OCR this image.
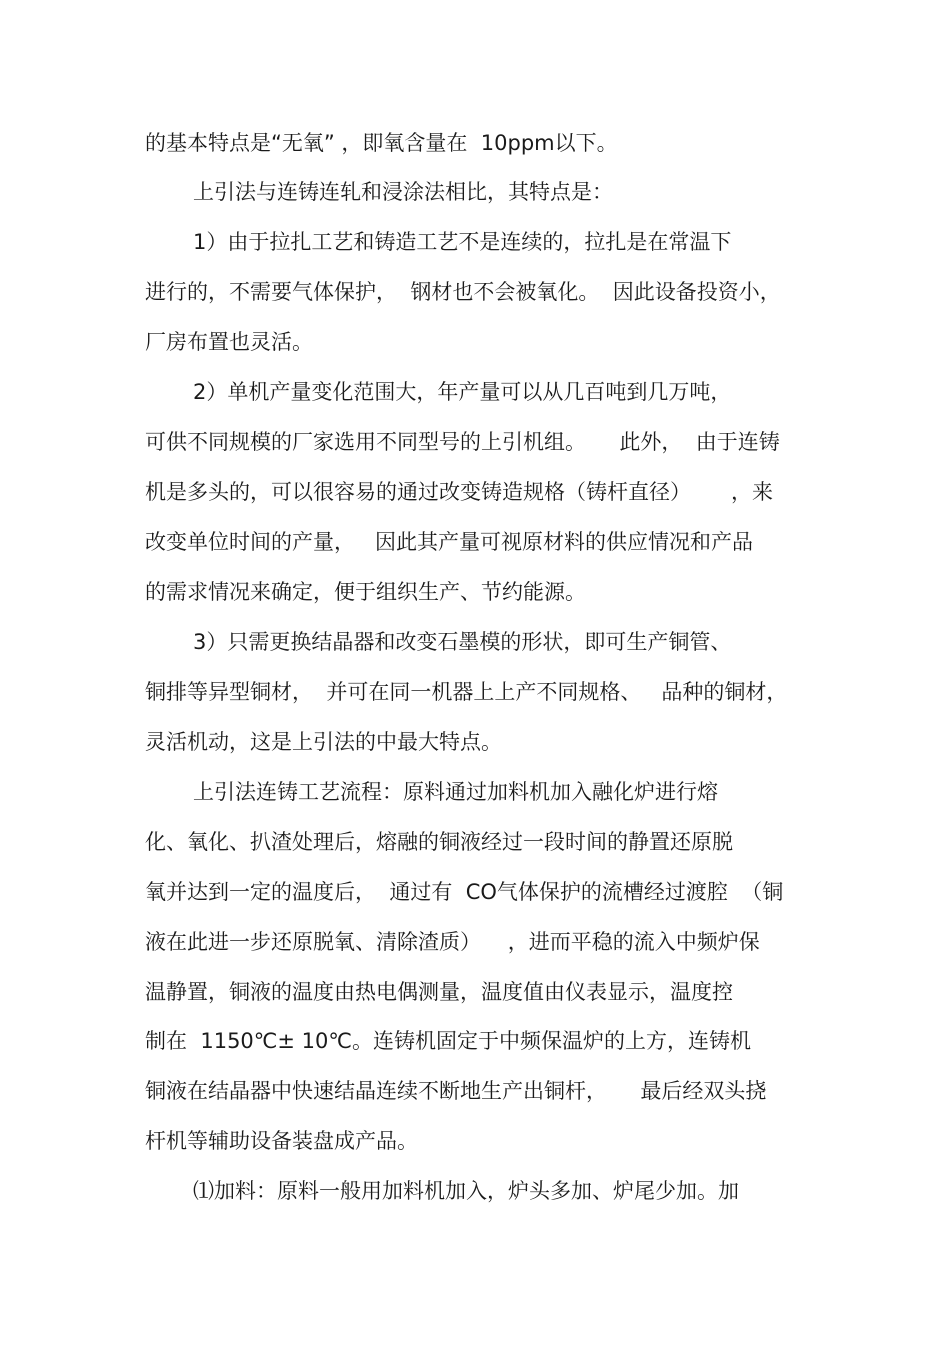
的基本特点是“无氧” ，即氧含量在  10ppm以下。
上引法与连铸连轧和浸涂法相比，其特点是：
1）由于拉扎工艺和铸造工艺不是连续的，拉扎是在常温下
进行的，不需要气体保护，  钢材也不会被氧化。  因此设备投资小，
厂房布置也灵活。
2）单机产量变化范围大，年产量可以从几百吨到几万吨，
可供不同规模的厂家选用不同型号的上引机组。     此外，  由于连铸
机是多头的，可以很容易的通过改变铸造规格（铸杆直径）      ，来
改变单位时间的产量，   因此其产量可视原材料的供应情况和产品
的需求情况来确定，便于组织生产、节约能源。
3）只需更换结晶器和改变石墨模的形状，即可生产铜管、
铜排等异型铜材，  并可在同一机器上上产不同规格、   品种的铜材，
灵活机动，这是上引法的中最大特点。
上引法连铸工艺流程：原料通过加料机加入融化炉进行熔
化、氧化、扒渣处理后，熔融的铜液经过一段时间的静置还原脱
氧并达到一定的温度后，  通过有  CO气体保护的流槽经过渡腔  （铜
液在此进一步还原脱氧、清除渣质）    ，进而平稳的流入中频炉保
温静置，铜液的温度由热电偶测量，温度值由仪表显示，温度控
制在  1150℃± 10℃。连铸机固定于中频保温炉的上方，连铸机
铜液在结晶器中快速结晶连续不断地生产出铜杆，     最后经双头挠
杆机等辅助设备装盘成产品。
⑴加料：原料一般用加料机加入，炉头多加、炉尾少加。加
